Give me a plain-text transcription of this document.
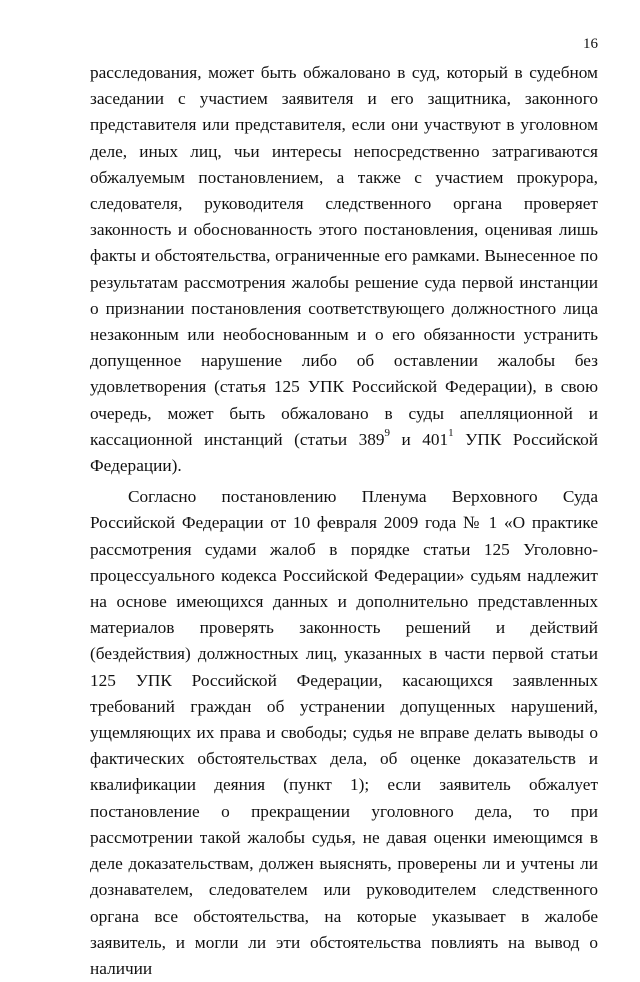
16

расследования, может быть обжаловано в суд, который в судебном заседании с участием заявителя и его защитника, законного представителя или представителя, если они участвуют в уголовном деле, иных лиц, чьи интересы непосредственно затрагиваются обжалуемым постановлением, а также с участием прокурора, следователя, руководителя следственного органа проверяет законность и обоснованность этого постановления, оценивая лишь факты и обстоятельства, ограниченные его рамками. Вынесенное по результатам рассмотрения жалобы решение суда первой инстанции о признании постановления соответствующего должностного лица незаконным или необоснованным и о его обязанности устранить допущенное нарушение либо об оставлении жалобы без удовлетворения (статья 125 УПК Российской Федерации), в свою очередь, может быть обжаловано в суды апелляционной и кассационной инстанций (статьи $389^9$ и $401^1$ УПК Российской Федерации).

Согласно постановлению Пленума Верховного Суда Российской Федерации от 10 февраля 2009 года № 1 «О практике рассмотрения судами жалоб в порядке статьи 125 Уголовно-процессуального кодекса Российской Федерации» судьям надлежит на основе имеющихся данных и дополнительно представленных материалов проверять законность решений и действий (бездействия) должностных лиц, указанных в части первой статьи 125 УПК Российской Федерации, касающихся заявленных требований граждан об устранении допущенных нарушений, ущемляющих их права и свободы; судья не вправе делать выводы о фактических обстоятельствах дела, об оценке доказательств и квалификации деяния (пункт 1); если заявитель обжалует постановление о прекращении уголовного дела, то при рассмотрении такой жалобы судья, не давая оценки имеющимся в деле доказательствам, должен выяснять, проверены ли и учтены ли дознавателем, следователем или руководителем следственного органа все обстоятельства, на которые указывает в жалобе заявитель, и могли ли эти обстоятельства повлиять на вывод о наличии
